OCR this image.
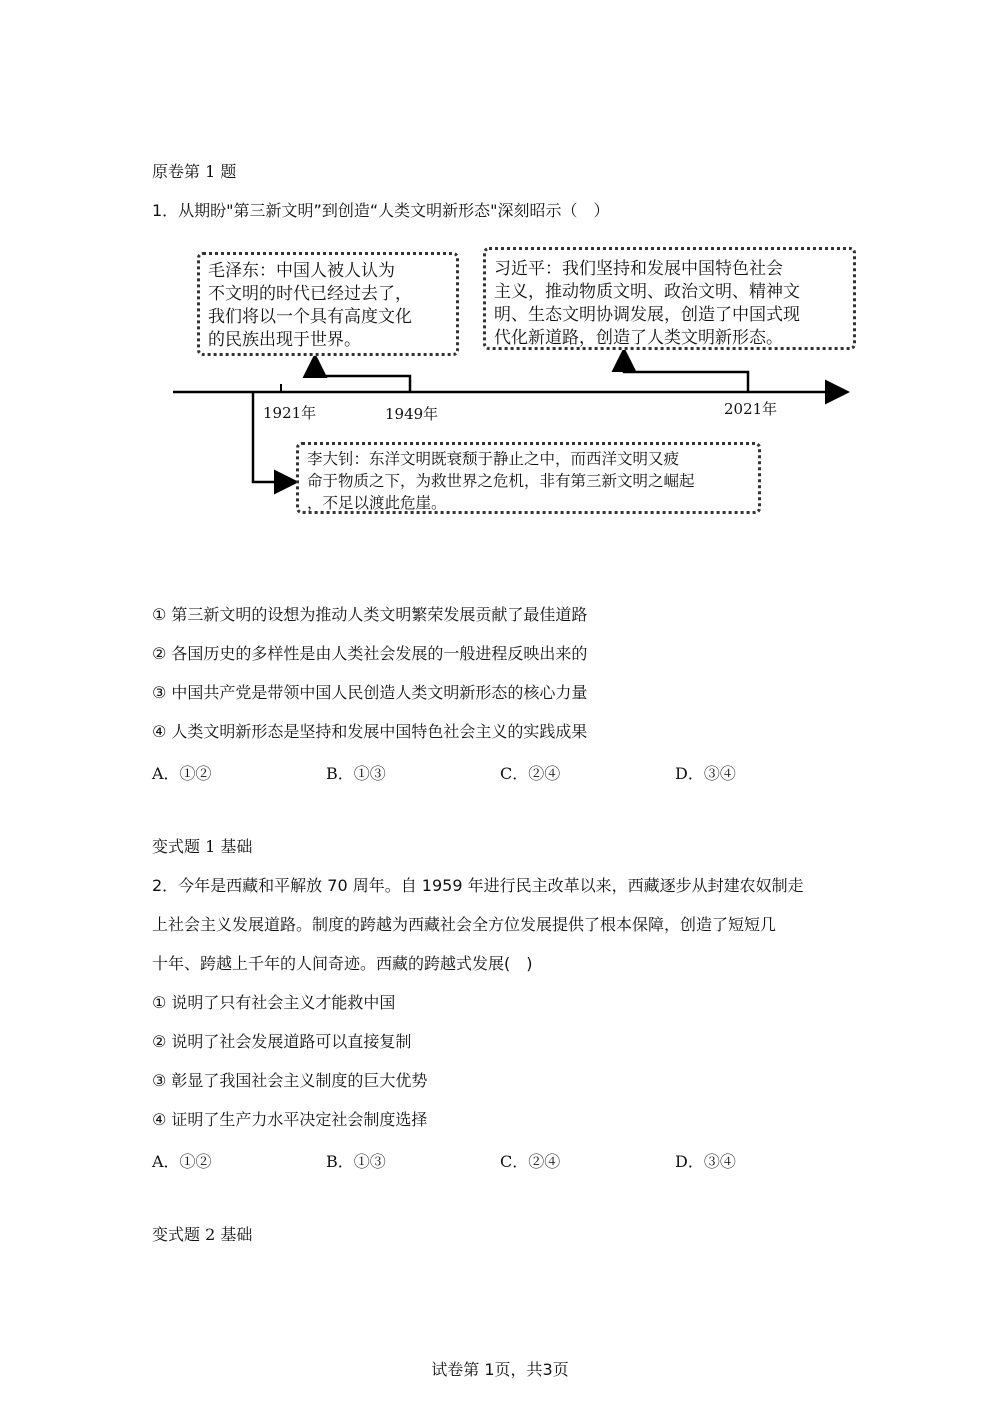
原卷第 1 题
1．从期盼"第三新文明”到创造“人类文明新形态"深刻昭示（　）
毛泽东：中国人被人认为
不文明的时代已经过去了，
我们将以一个具有高度文化
的民族出现于世界。
习近平：我们坚持和发展中国特色社会
主义，推动物质文明、政治文明、精神文
明、生态文明协调发展，创造了中国式现
代化新道路，创造了人类文明新形态。
李大钊：东洋文明既衰颓于静止之中，而西洋文明又疲
命于物质之下，为救世界之危机，非有第三新文明之崛起
，不足以渡此危崖。
1921年	1949年	2021年
① 第三新文明的设想为推动人类文明繁荣发展贡献了最佳道路
② 各国历史的多样性是由人类社会发展的一般进程反映出来的
③ 中国共产党是带领中国人民创造人类文明新形态的核心力量
④ 人类文明新形态是坚持和发展中国特色社会主义的实践成果
A．①②	B．①③	C．②④	D．③④
变式题 1 基础
2．今年是西藏和平解放 70 周年。自 1959 年进行民主改革以来，西藏逐步从封建农奴制走
上社会主义发展道路。制度的跨越为西藏社会全方位发展提供了根本保障，创造了短短几
十年、跨越上千年的人间奇迹。西藏的跨越式发展(　)
① 说明了只有社会主义才能救中国
② 说明了社会发展道路可以直接复制
③ 彰显了我国社会主义制度的巨大优势
④ 证明了生产力水平决定社会制度选择
A．①②	B．①③	C．②④	D．③④
变式题 2 基础
试卷第 1页，共3页
